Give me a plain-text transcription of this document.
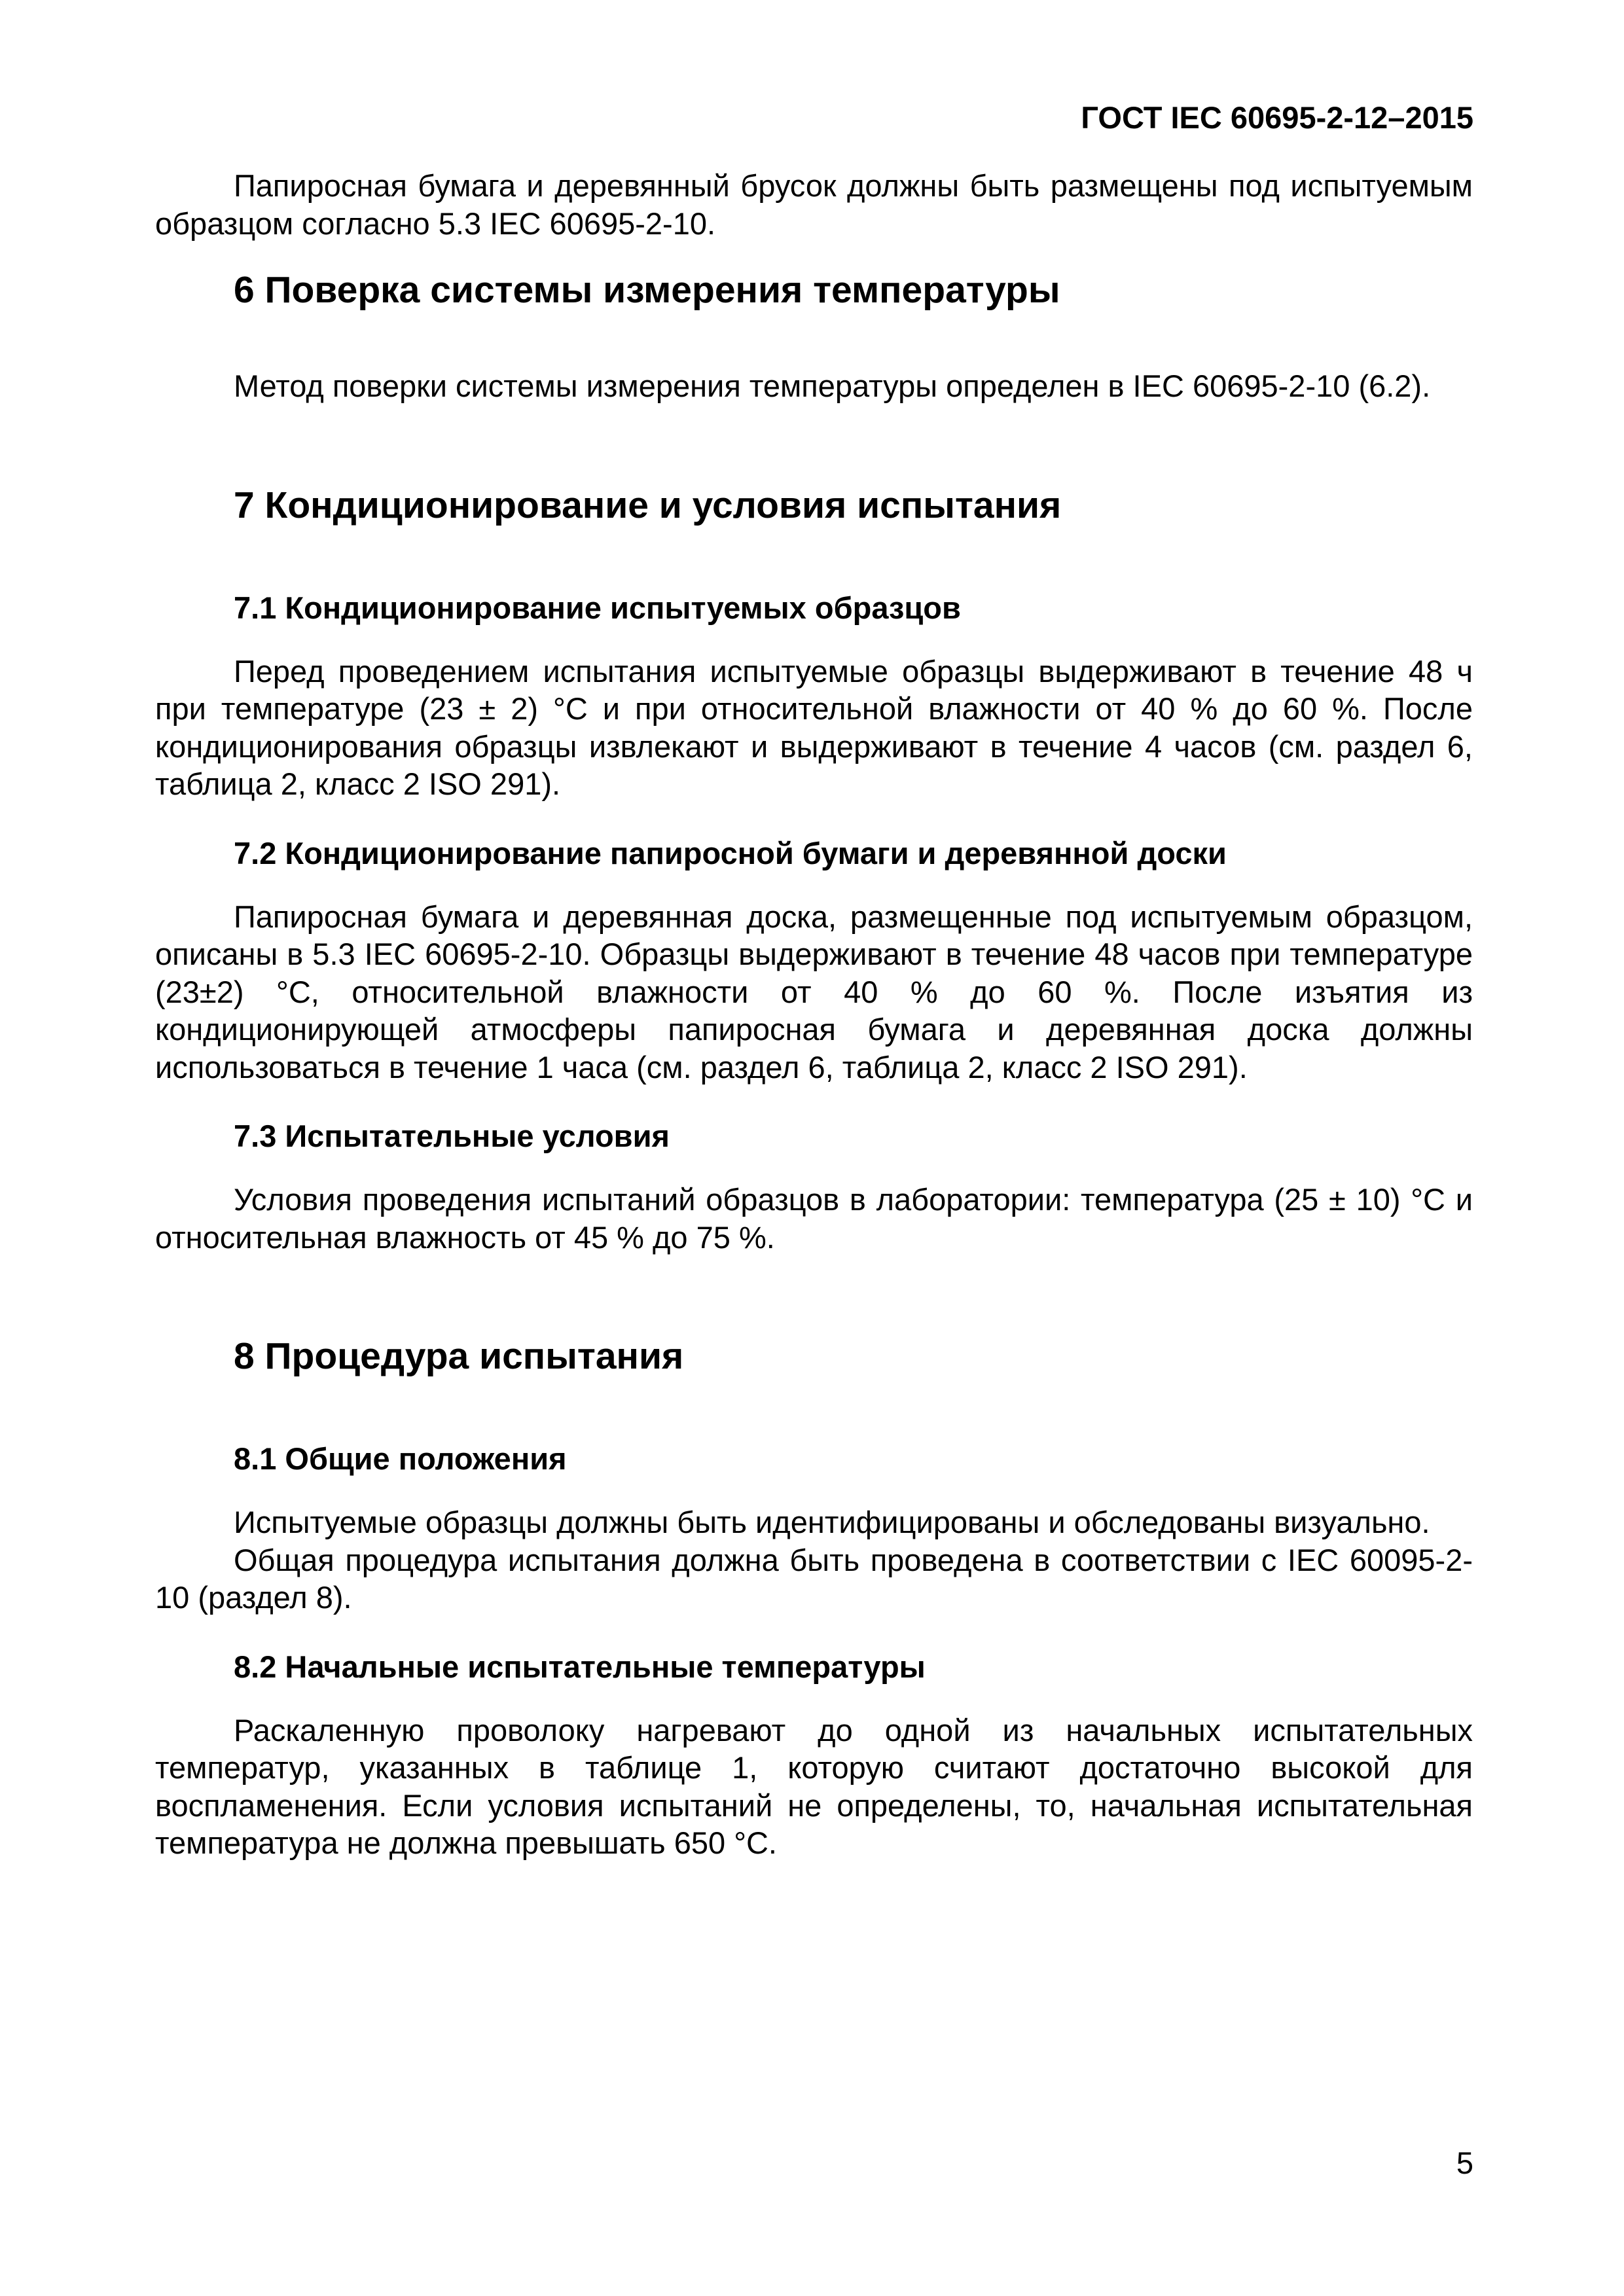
ГОСТ IEC 60695-2-12–2015

Папиросная бумага и деревянный брусок должны быть размещены под испытуемым образцом согласно 5.3 IEC 60695-2-10.

6 Поверка системы измерения температуры

Метод поверки системы измерения температуры определен в IEC 60695-2-10 (6.2).

7 Кондиционирование и условия испытания
7.1 Кондиционирование испытуемых образцов

Перед проведением испытания испытуемые образцы выдерживают в течение 48 ч при температуре (23 ± 2) °С и при относительной влажности от 40 % до 60 %. После кондиционирования образцы извлекают и выдерживают в течение 4 часов (см. раздел 6, таблица 2, класс 2 ISO 291).

7.2 Кондиционирование папиросной бумаги и деревянной доски

Папиросная бумага и деревянная доска, размещенные под испытуемым образцом, описаны в 5.3 IEC 60695-2-10. Образцы выдерживают в течение 48 часов при температуре (23±2) °С, относительной влажности от 40 % до 60 %. После изъятия из кондиционирующей атмосферы папиросная бумага и деревянная доска должны использоваться в течение 1 часа (см. раздел 6, таблица 2, класс 2 ISO 291).

7.3 Испытательные условия

Условия проведения испытаний образцов в лаборатории: температура (25 ± 10) °С и относительная влажность от 45 % до 75 %.

8 Процедура испытания
8.1 Общие положения

Испытуемые образцы должны быть идентифицированы и обследованы визуально.

Общая процедура испытания должна быть проведена в соответствии с IEC 60095-2-10 (раздел 8).

8.2 Начальные испытательные температуры

Раскаленную проволоку нагревают до одной из начальных испытательных температур, указанных в таблице 1, которую считают достаточно высокой для воспламенения. Если условия испытаний не определены, то, начальная испытательная температура не должна превышать 650 °С.

5
